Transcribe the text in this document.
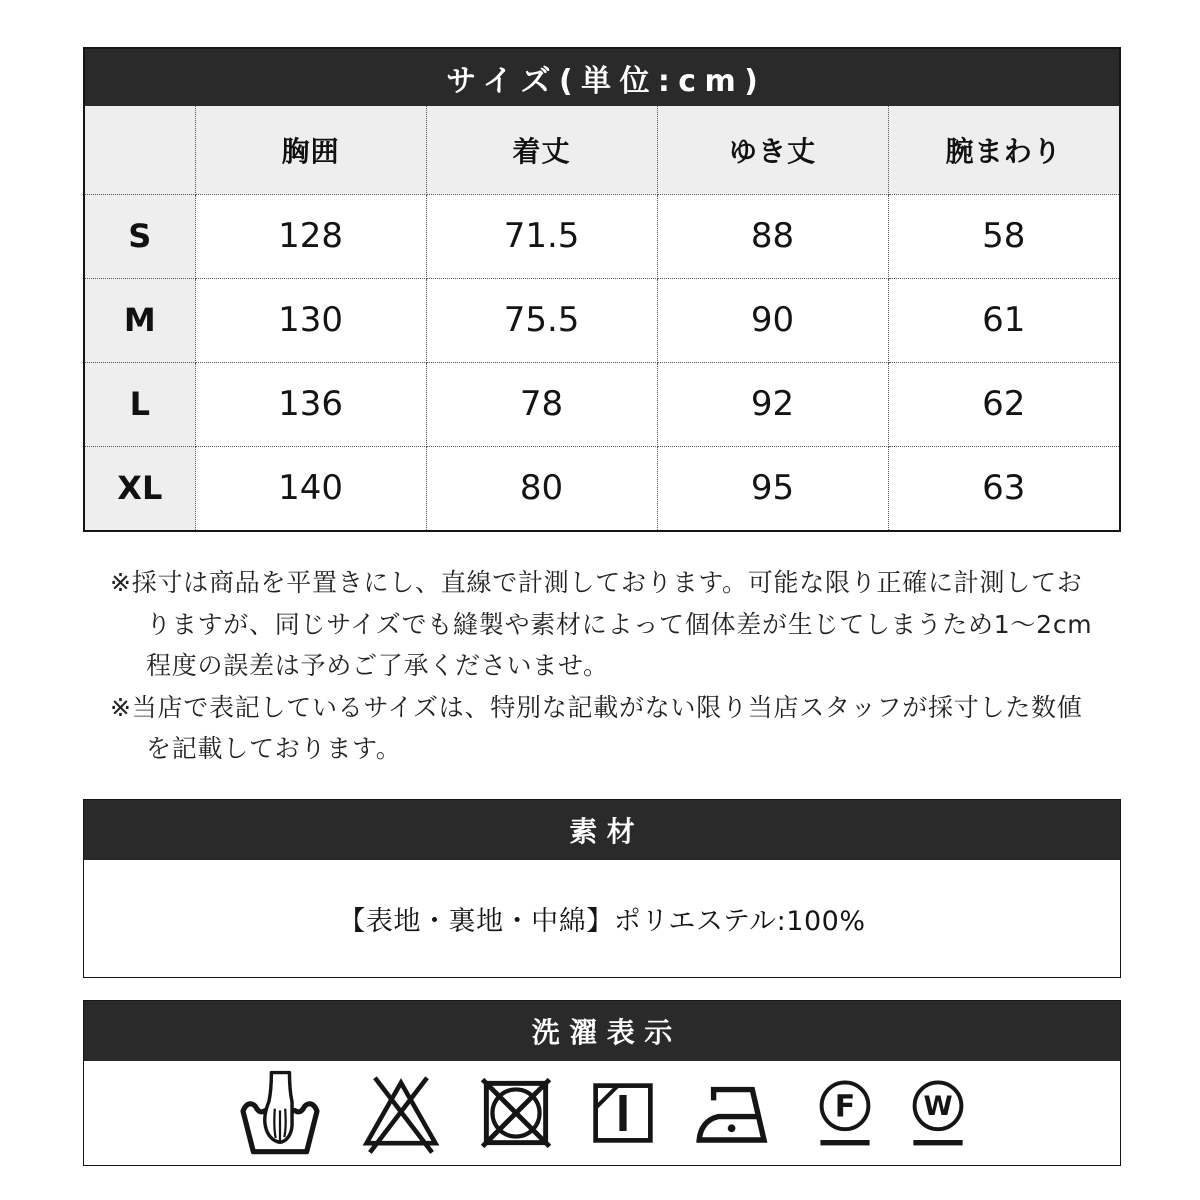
サイズ(単位:cm)
	胸囲	着丈	ゆき丈	腕まわり
S	128	71.5	88	58
M	130	75.5	90	61
L	136	78	92	62
XL	140	80	95	63

※採寸は商品を平置きにし、直線で計測しております。可能な限り正確に計測しておりますが、同じサイズでも縫製や素材によって個体差が生じてしまうため1〜2cm程度の誤差は予めご了承くださいませ。

※当店で表記しているサイズは、特別な記載がない限り当店スタッフが採寸した数値を記載しております。

素材
【表地・裏地・中綿】ポリエステル:100%
洗濯表示
F W
